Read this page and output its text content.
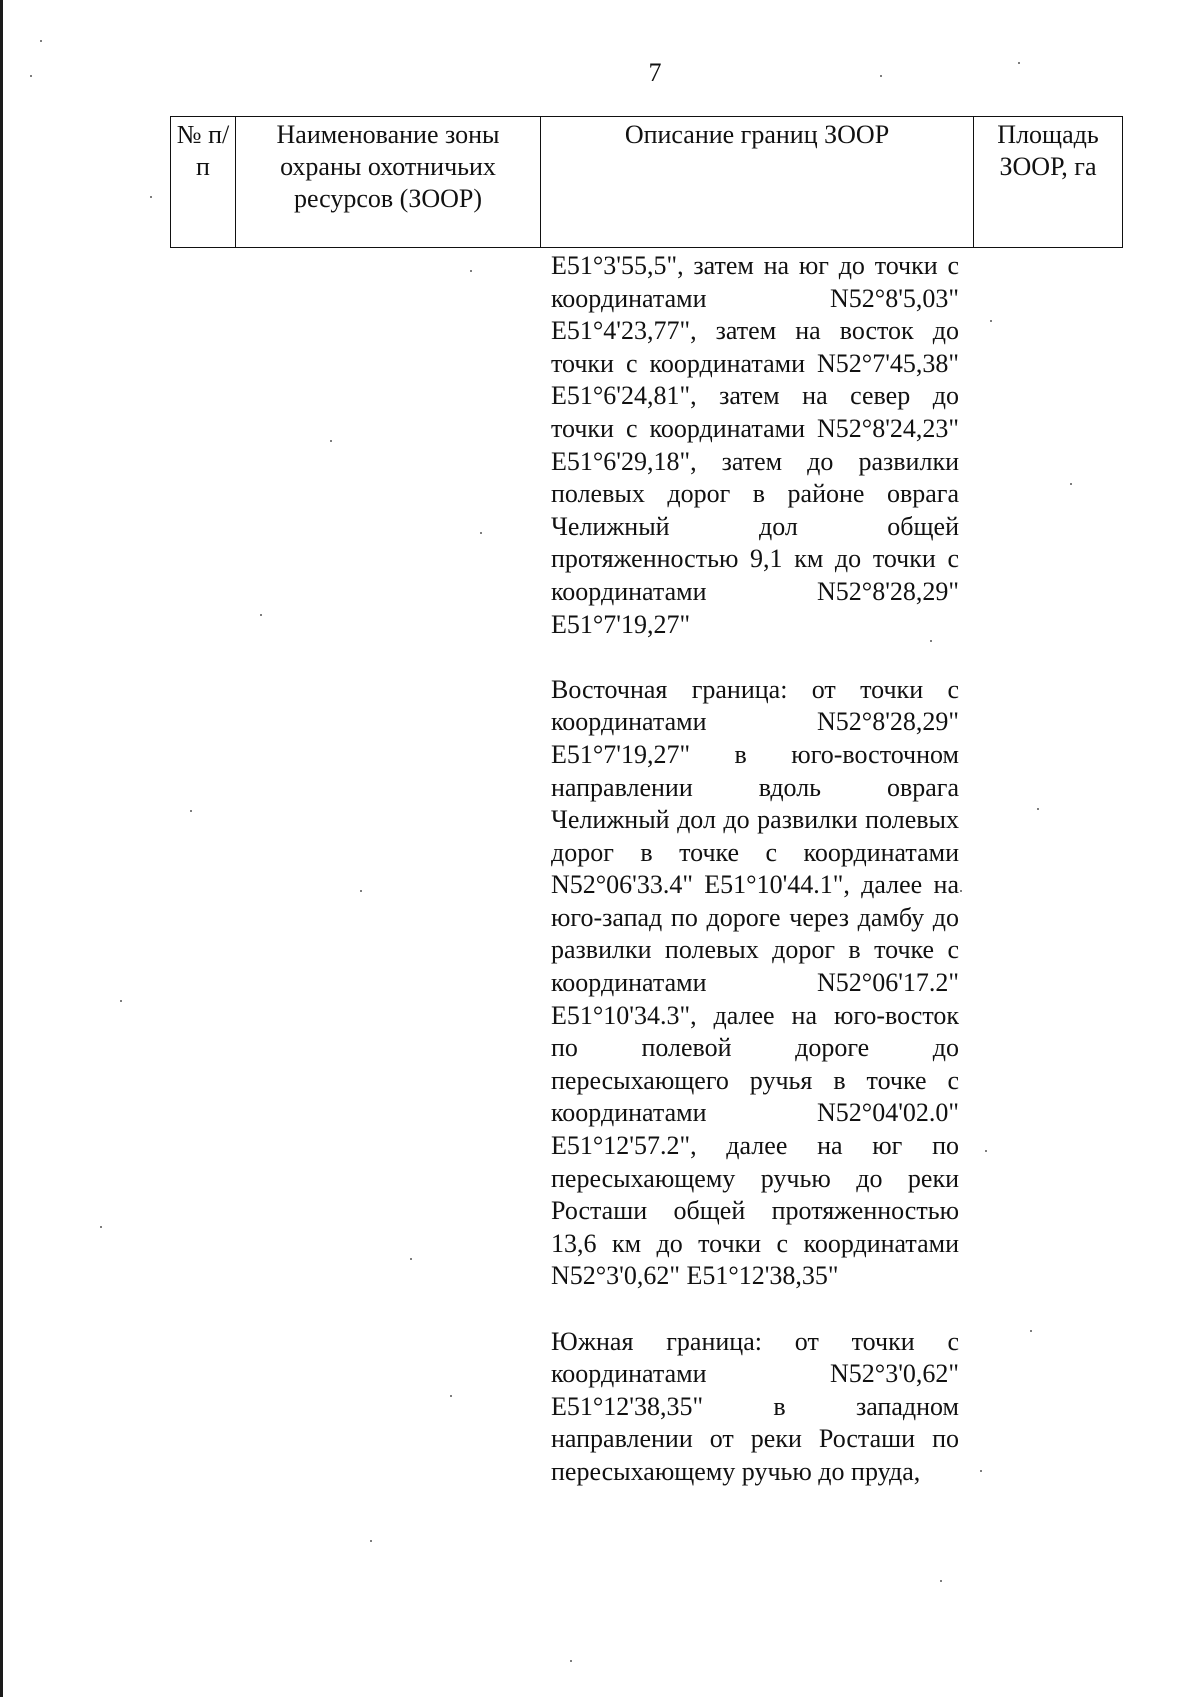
7
№ п/п	Наименование зоны охраны охотничьих ресурсов (ЗООР)	Описание границ ЗООР	Площадь ЗООР, га

E51°3'55,5", затем на юг до точки с координатами N52°8'5,03" E51°4'23,77", затем на восток до точки с координатами N52°7'45,38" E51°6'24,81", затем на север до точки с координатами N52°8'24,23" E51°6'29,18", затем до развилки полевых дорог в районе оврага Челижный дол общей протяженностью 9,1 км до точки с координатами N52°8'28,29" E51°7'19,27"

Восточная граница: от точки с координатами N52°8'28,29" E51°7'19,27" в юго-восточном направлении вдоль оврага Челижный дол до развилки полевых дорог в точке с координатами N52°06'33.4" E51°10'44.1", далее на юго-запад по дороге через дамбу до развилки полевых дорог в точке с координатами N52°06'17.2" E51°10'34.3", далее на юго-восток по полевой дороге до пересыхающего ручья в точке с координатами N52°04'02.0" E51°12'57.2", далее на юг по пересыхающему ручью до реки Росташи общей протяженностью 13,6 км до точки с координатами N52°3'0,62" E51°12'38,35"

Южная граница: от точки с координатами N52°3'0,62" E51°12'38,35" в западном направлении от реки Росташи по пересыхающему ручью до пруда,
